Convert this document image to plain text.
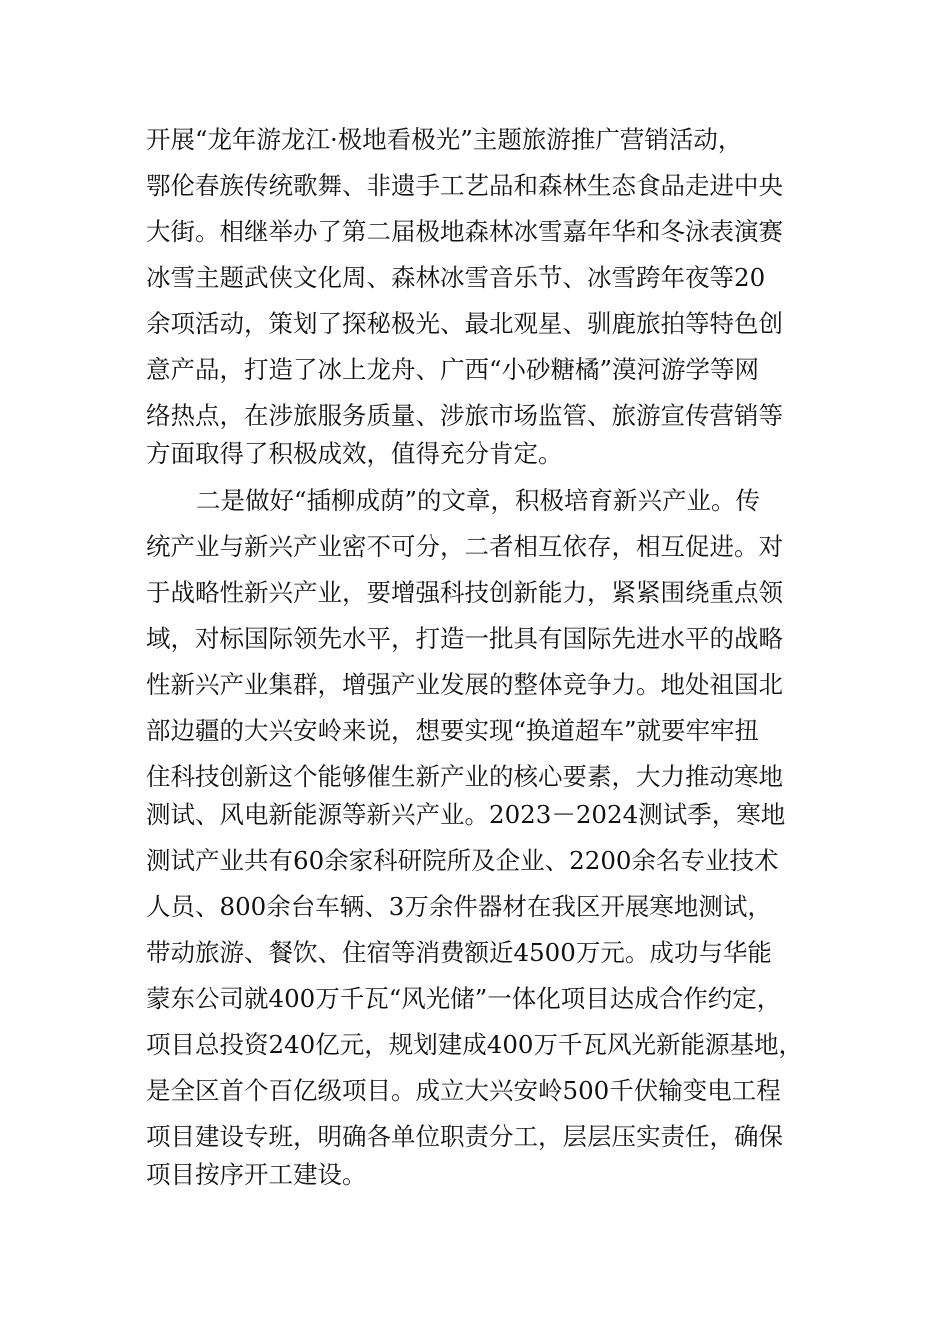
开展“龙年游龙江·极地看极光”主题旅游推广营销活动，
鄂伦春族传统歌舞、非遗手工艺品和森林生态食品走进中央
大街。相继举办了第二届极地森林冰雪嘉年华和冬泳表演赛
冰雪主题武侠文化周、森林冰雪音乐节、冰雪跨年夜等20
余项活动，策划了探秘极光、最北观星、驯鹿旅拍等特色创
意产品，打造了冰上龙舟、广西“小砂糖橘”漠河游学等网
络热点，在涉旅服务质量、涉旅市场监管、旅游宣传营销等
方面取得了积极成效，值得充分肯定。
二是做好“插柳成荫”的文章，积极培育新兴产业。传
统产业与新兴产业密不可分，二者相互依存，相互促进。对
于战略性新兴产业，要增强科技创新能力，紧紧围绕重点领
域，对标国际领先水平，打造一批具有国际先进水平的战略
性新兴产业集群，增强产业发展的整体竞争力。地处祖国北
部边疆的大兴安岭来说，想要实现“换道超车”就要牢牢扭
住科技创新这个能够催生新产业的核心要素，大力推动寒地
测试、风电新能源等新兴产业。2023－2024测试季，寒地
测试产业共有60余家科研院所及企业、2200余名专业技术
人员、800余台车辆、3万余件器材在我区开展寒地测试，
带动旅游、餐饮、住宿等消费额近4500万元。成功与华能
蒙东公司就400万千瓦“风光储”一体化项目达成合作约定，
项目总投资240亿元，规划建成400万千瓦风光新能源基地，
是全区首个百亿级项目。成立大兴安岭500千伏输变电工程
项目建设专班，明确各单位职责分工，层层压实责任，确保
项目按序开工建设。
